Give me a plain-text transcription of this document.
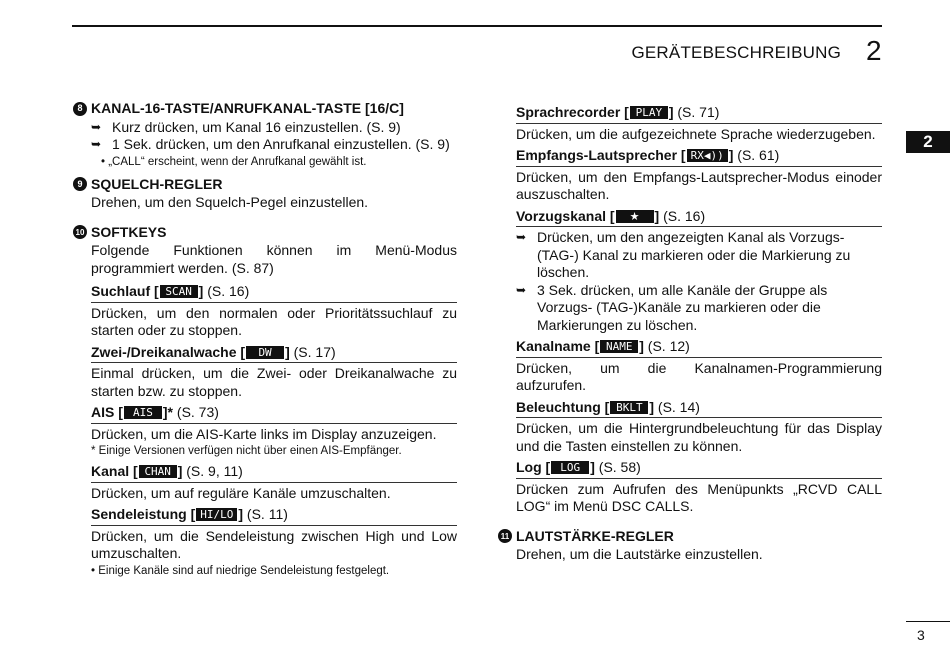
GERÄTEBESCHREIBUNG 2
2
8 KANAL-16-TASTE/ANRUFKANAL-TASTE [16/C]
➥ Kurz drücken, um Kanal 16 einzustellen. (S. 9)
➥ 1 Sek. drücken, um den Anrufkanal einzustellen. (S. 9)
• „CALL“ erscheint, wenn der Anrufkanal gewählt ist.
9 SQUELCH-REGLER

Drehen, um den Squelch-Pegel einzustellen.

10 SOFTKEYS

Folgende Funktionen können im Menü-Modus programmiert werden. (S. 87)

Suchlauf [ SCAN ] (S. 16)

Drücken, um den normalen oder Prioritätssuchlauf zu starten oder zu stoppen.

Zwei-/Dreikanalwache [ DW ] (S. 17)

Einmal drücken, um die Zwei- oder Dreikanalwache zu starten bzw. zu stoppen.

AIS [ AIS ]* (S. 73)

Drücken, um die AIS-Karte links im Display anzuzeigen.

* Einige Versionen verfügen nicht über einen AIS-Empfänger.
Kanal [ CHAN ] (S. 9, 11)

Drücken, um auf reguläre Kanäle umzuschalten.

Sendeleistung [ HI/LO ] (S. 11)

Drücken, um die Sendeleistung zwischen High und Low umzuschalten.

• Einige Kanäle sind auf niedrige Sendeleistung festgelegt.
Sprachrecorder [ PLAY ] (S. 71)

Drücken, um die aufgezeichnete Sprache wiederzugeben.

Empfangs-Lautsprecher [ RX◀)) ] (S. 61)

Drücken, um den Empfangs-Lautsprecher-Modus einoder auszuschalten.

Vorzugskanal [ ★ ] (S. 16)
➥ Drücken, um den angezeigten Kanal als Vorzugs- (TAG-) Kanal zu markieren oder die Markierung zu löschen.
➥ 3 Sek. drücken, um alle Kanäle der Gruppe als Vorzugs- (TAG-)Kanäle zu markieren oder die Markierungen zu löschen.
Kanalname [ NAME ] (S. 12)

Drücken, um die Kanalnamen-Programmierung aufzurufen.

Beleuchtung [ BKLT ] (S. 14)

Drücken, um die Hintergrundbeleuchtung für das Display und die Tasten einstellen zu können.

Log [ LOG ] (S. 58)

Drücken zum Aufrufen des Menüpunkts „RCVD CALL LOG“ im Menü DSC CALLS.

11 LAUTSTÄRKE-REGLER

Drehen, um die Lautstärke einzustellen.

3
